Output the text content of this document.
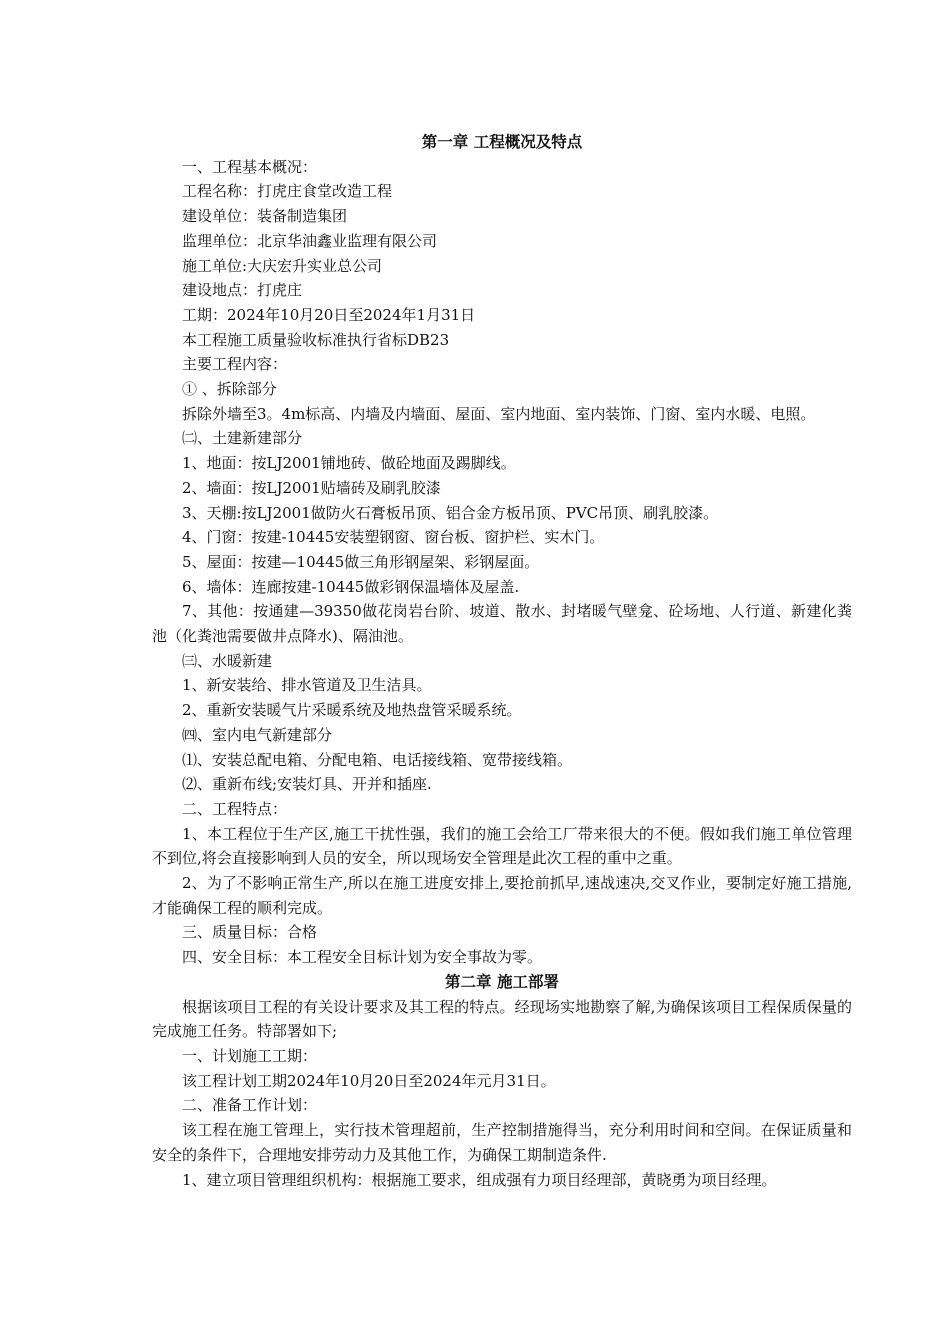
第一章 工程概况及特点

一、工程基本概况：

工程名称：打虎庄食堂改造工程

建设单位：装备制造集团

监理单位：北京华油鑫业监理有限公司

施工单位:大庆宏升实业总公司

建设地点：打虎庄

工期：2024年10月20日至2024年1月31日

本工程施工质量验收标准执行省标DB23

主要工程内容：

① 、拆除部分

拆除外墙至3。4m标高、内墙及内墙面、屋面、室内地面、室内装饰、门窗、室内水暖、电照。

㈡、土建新建部分

1、地面：按LJ2001铺地砖、做砼地面及踢脚线。

2、墙面：按LJ2001贴墙砖及刷乳胶漆

3、天棚:按LJ2001做防火石膏板吊顶、铝合金方板吊顶、PVC吊顶、刷乳胶漆。

4、门窗：按建-10445安装塑钢窗、窗台板、窗护栏、实木门。

5、屋面：按建—10445做三角形钢屋架、彩钢屋面。

6、墙体：连廊按建-10445做彩钢保温墙体及屋盖.

7、其他：按通建—39350做花岗岩台阶、坡道、散水、封堵暖气壁龛、砼场地、人行道、新建化粪池（化粪池需要做井点降水)、隔油池。

㈢、水暖新建

1、新安装给、排水管道及卫生洁具。

2、重新安装暖气片采暖系统及地热盘管采暖系统。

㈣、室内电气新建部分

⑴、安装总配电箱、分配电箱、电话接线箱、宽带接线箱。

⑵、重新布线;安装灯具、开并和插座.

二、工程特点：

1、本工程位于生产区,施工干扰性强，我们的施工会给工厂带来很大的不便。假如我们施工单位管理不到位,将会直接影响到人员的安全，所以现场安全管理是此次工程的重中之重。

2、为了不影响正常生产,所以在施工进度安排上,要抢前抓早,速战速决,交叉作业，要制定好施工措施,才能确保工程的顺利完成。

三、质量目标：合格

四、安全目标：本工程安全目标计划为安全事故为零。

第二章 施工部署

根据该项目工程的有关设计要求及其工程的特点。经现场实地勘察了解,为确保该项目工程保质保量的完成施工任务。特部署如下;

一、计划施工工期：

该工程计划工期2024年10月20日至2024年元月31日。

二、准备工作计划：

该工程在施工管理上，实行技术管理超前，生产控制措施得当，充分利用时间和空间。在保证质量和安全的条件下，合理地安排劳动力及其他工作，为确保工期制造条件.

1、建立项目管理组织机构：根据施工要求，组成强有力项目经理部，黄晓勇为项目经理。
